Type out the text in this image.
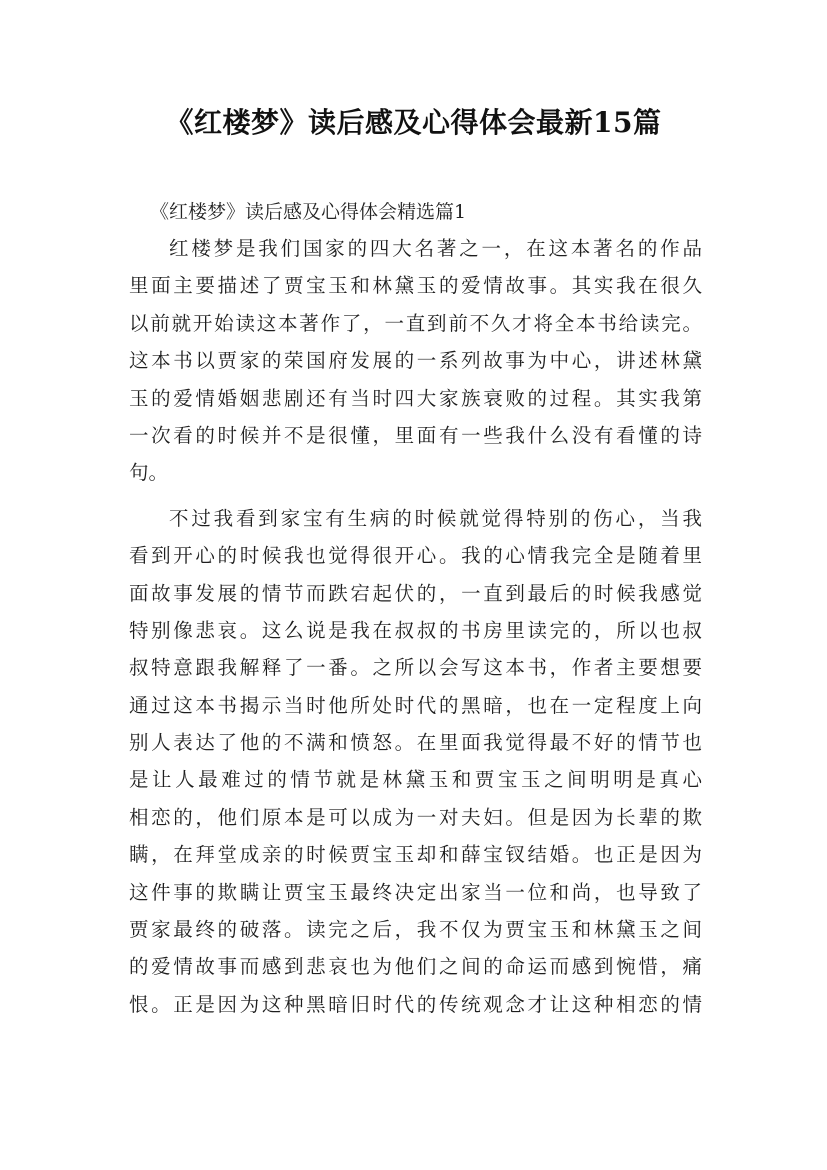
《红楼梦》读后感及心得体会最新15篇
《红楼梦》读后感及心得体会精选篇1
红楼梦是我们国家的四大名著之一，在这本著名的作品
里面主要描述了贾宝玉和林黛玉的爱情故事。其实我在很久
以前就开始读这本著作了，一直到前不久才将全本书给读完。
这本书以贾家的荣国府发展的一系列故事为中心，讲述林黛
玉的爱情婚姻悲剧还有当时四大家族衰败的过程。其实我第
一次看的时候并不是很懂，里面有一些我什么没有看懂的诗
句。
不过我看到家宝有生病的时候就觉得特别的伤心，当我
看到开心的时候我也觉得很开心。我的心情我完全是随着里
面故事发展的情节而跌宕起伏的，一直到最后的时候我感觉
特别像悲哀。这么说是我在叔叔的书房里读完的，所以也叔
叔特意跟我解释了一番。之所以会写这本书，作者主要想要
通过这本书揭示当时他所处时代的黑暗，也在一定程度上向
别人表达了他的不满和愤怒。在里面我觉得最不好的情节也
是让人最难过的情节就是林黛玉和贾宝玉之间明明是真心
相恋的，他们原本是可以成为一对夫妇。但是因为长辈的欺
瞒，在拜堂成亲的时候贾宝玉却和薛宝钗结婚。也正是因为
这件事的欺瞒让贾宝玉最终决定出家当一位和尚，也导致了
贾家最终的破落。读完之后，我不仅为贾宝玉和林黛玉之间
的爱情故事而感到悲哀也为他们之间的命运而感到惋惜，痛
恨。正是因为这种黑暗旧时代的传统观念才让这种相恋的情
